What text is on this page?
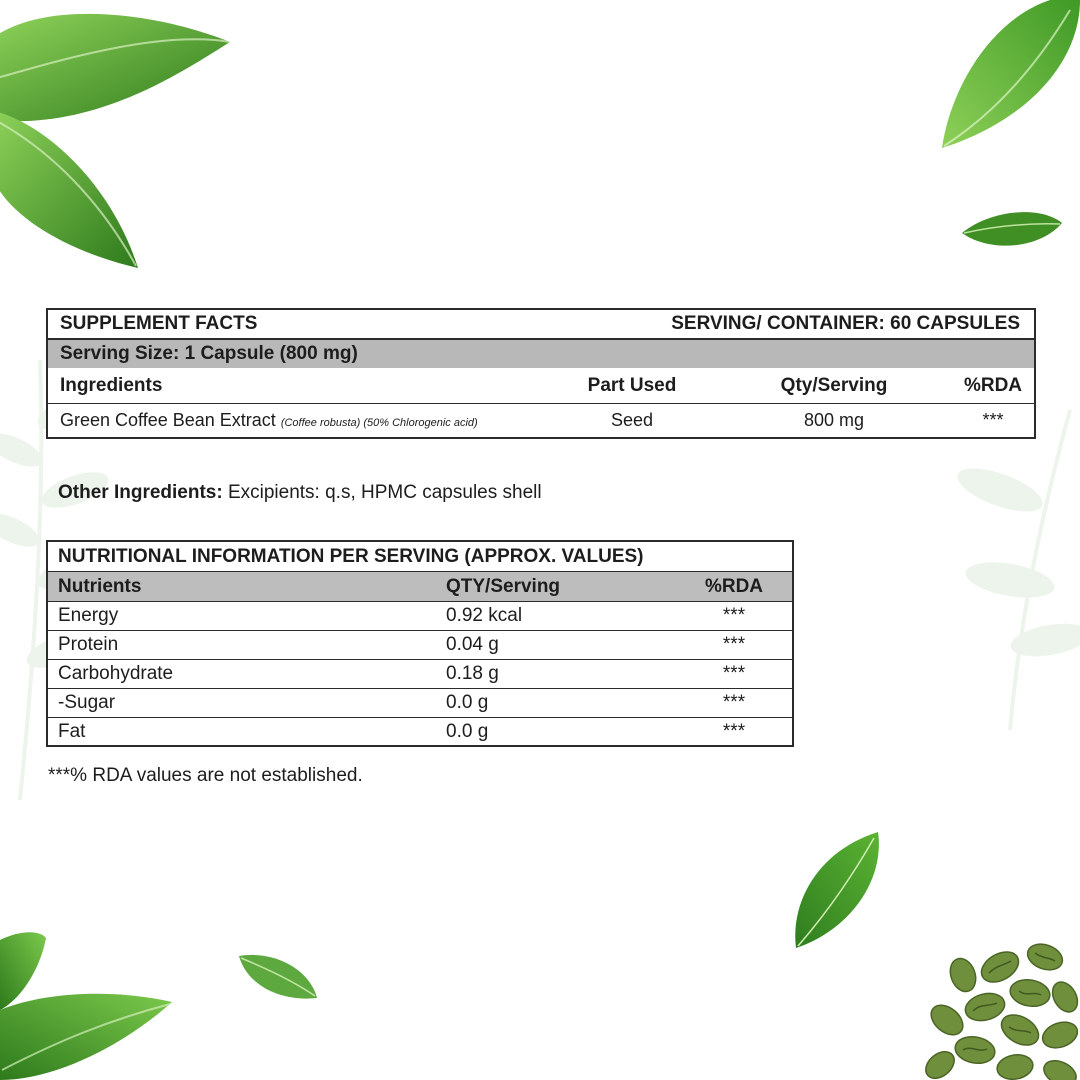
SUPPLEMENT FACTS	SERVING/ CONTAINER: 60 CAPSULES
Serving Size: 1 Capsule (800 mg)
Ingredients	Part Used	Qty/Serving	%RDA
Green Coffee Bean Extract (Coffee robusta) (50% Chlorogenic acid)	Seed	800 mg	***
Other Ingredients: Excipients: q.s, HPMC capsules shell
NUTRITIONAL INFORMATION PER SERVING (APPROX. VALUES)
Nutrients	QTY/Serving	%RDA
Energy	0.92 kcal	***
Protein	0.04 g	***
Carbohydrate	0.18 g	***
-Sugar	0.0 g	***
Fat	0.0 g	***
***% RDA values are not established.
